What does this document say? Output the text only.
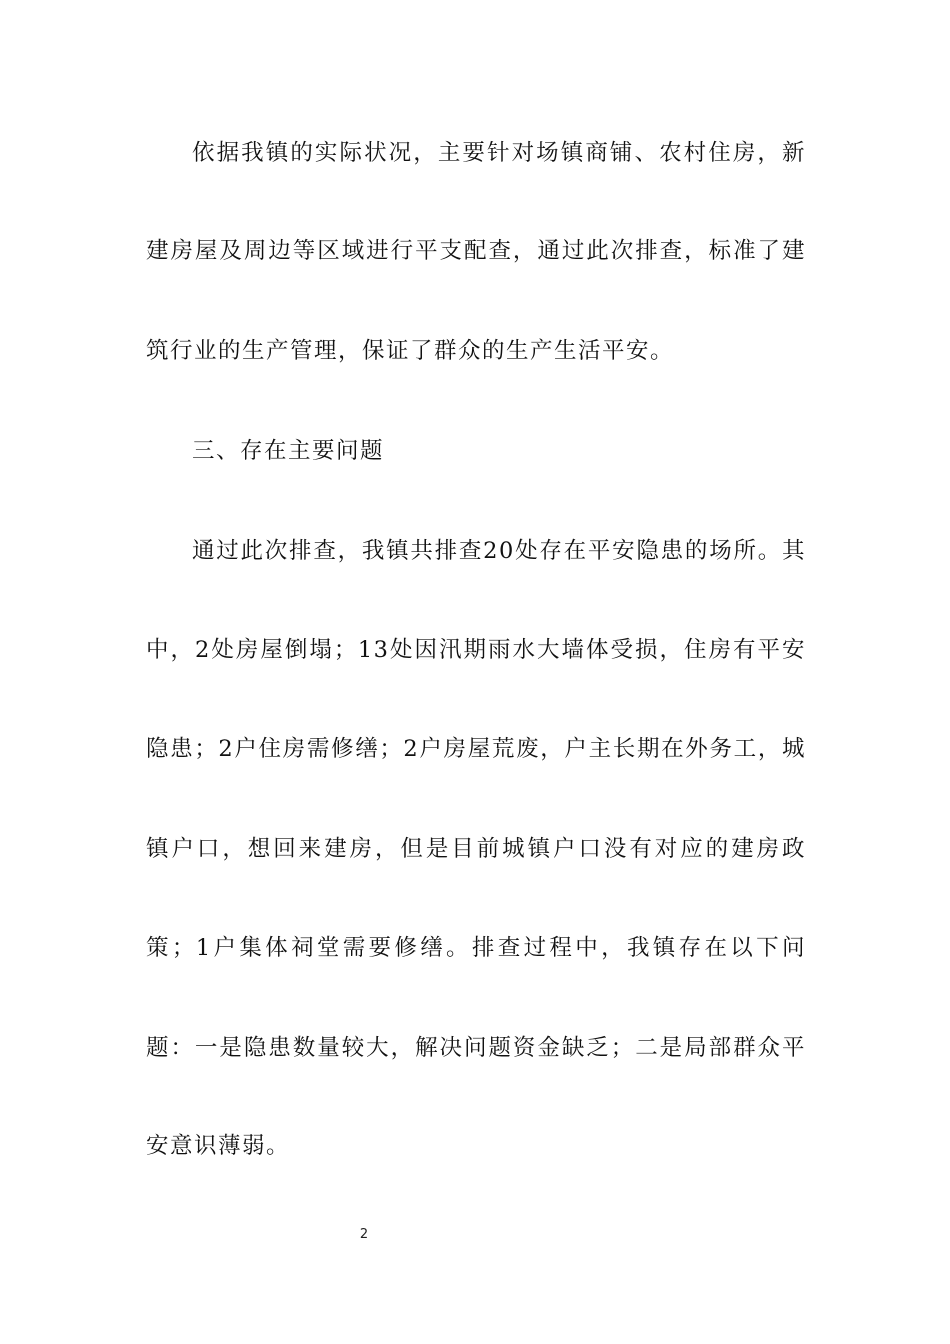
依据我镇的实际状况，主要针对场镇商铺、农村住房，新
建房屋及周边等区域进行平支配查，通过此次排查，标准了建
筑行业的生产管理，保证了群众的生产生活平安。
三、存在主要问题
通过此次排查，我镇共排查20处存在平安隐患的场所。其
中，2处房屋倒塌；13处因汛期雨水大墙体受损，住房有平安
隐患；2户住房需修缮；2户房屋荒废，户主长期在外务工，城
镇户口，想回来建房，但是目前城镇户口没有对应的建房政
策；1户集体祠堂需要修缮。排查过程中，我镇存在以下问
题：一是隐患数量较大，解决问题资金缺乏；二是局部群众平
安意识薄弱。
2
